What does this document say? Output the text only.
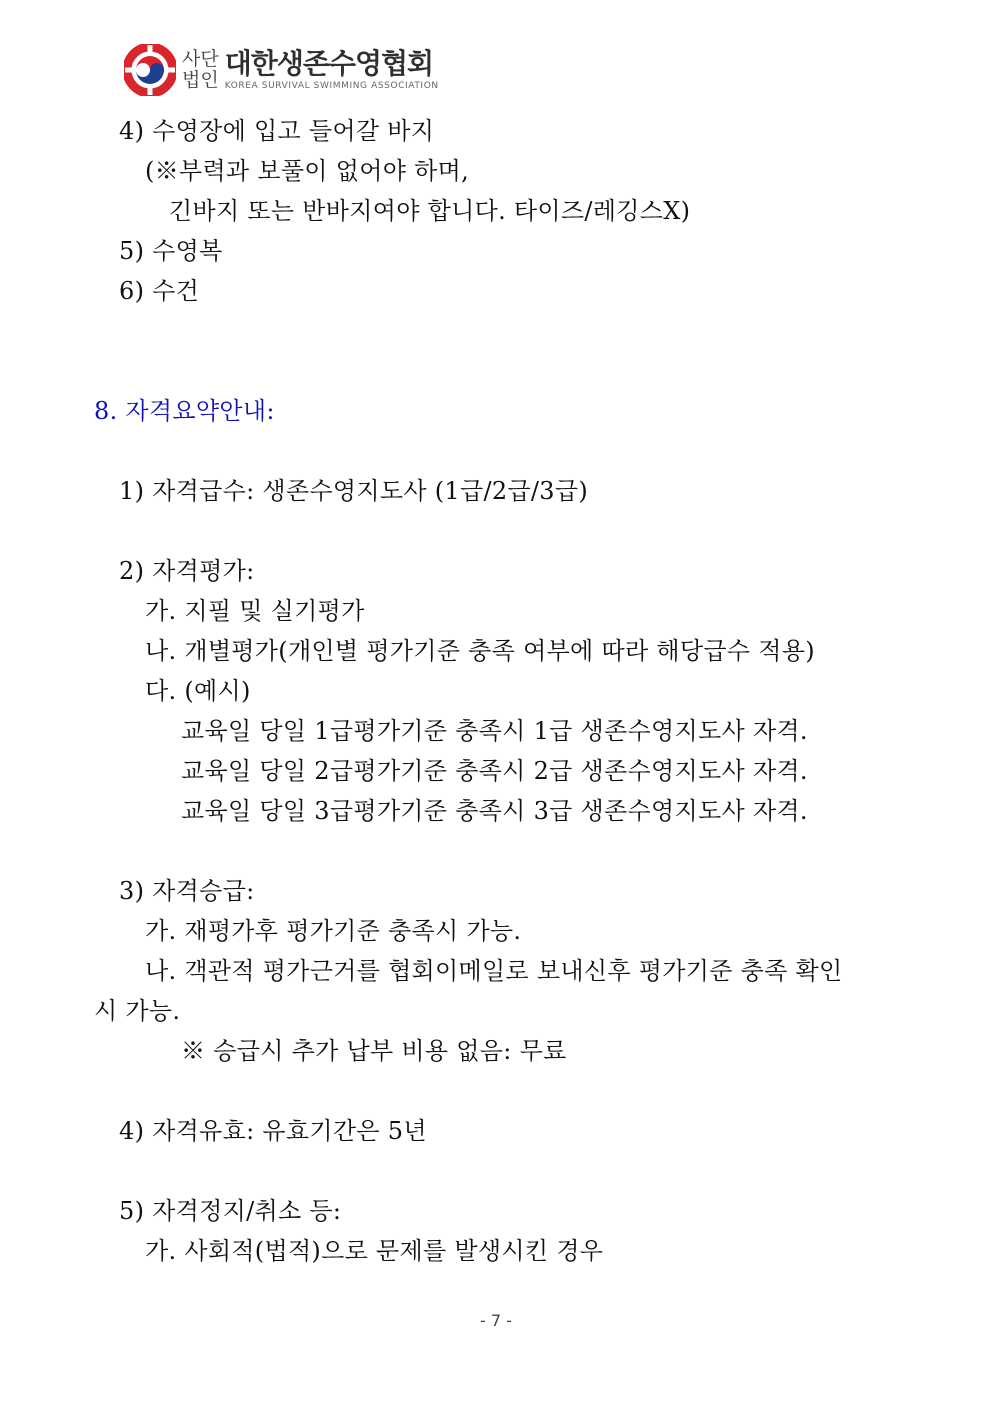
사단
법인 대한생존수영협회
KOREA SURVIVAL SWIMMING ASSOCIATION
4) 수영장에 입고 들어갈 바지
(※부력과 보풀이 없어야 하며,
긴바지 또는 반바지여야 합니다. 타이즈/레깅스X)
5) 수영복
6) 수건
8. 자격요약안내:
1) 자격급수: 생존수영지도사 (1급/2급/3급)
2) 자격평가:
가. 지필 및 실기평가
나. 개별평가(개인별 평가기준 충족 여부에 따라 해당급수 적용)
다. (예시)
교육일 당일 1급평가기준 충족시 1급 생존수영지도사 자격.
교육일 당일 2급평가기준 충족시 2급 생존수영지도사 자격.
교육일 당일 3급평가기준 충족시 3급 생존수영지도사 자격.
3) 자격승급:
가. 재평가후 평가기준 충족시 가능.
나. 객관적 평가근거를 협회이메일로 보내신후 평가기준 충족 확인
시 가능.
※ 승급시 추가 납부 비용 없음: 무료
4) 자격유효: 유효기간은 5년
5) 자격정지/취소 등:
가. 사회적(법적)으로 문제를 발생시킨 경우
- 7 -
